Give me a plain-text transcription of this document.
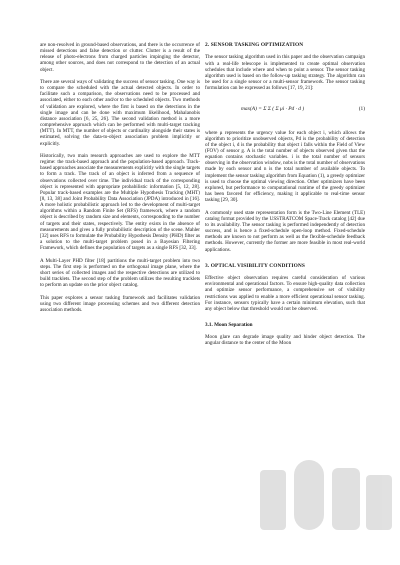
are non-resolved in ground-based observations, and there is the occurrence of missed detections and false detection or clutter. Clutter is a result of the release of photo-electrons from charged particles impinging the detector, among other sources, and does not correspond to the detection of an actual object.

There are several ways of validating the success of sensor tasking. One way is to compare the scheduled with the actual detected objects. In order to facilitate such a comparison, the observations need to be processed and associated, either to each other and/or to the scheduled objects. Two methods of validation are explored, where the first is based on the detections in the single image and can be done with maximum likelihood, Mahalanobis distance association [6, 25, 26]. The second validation method is a more comprehensive approach which can be performed with multi-target tracking (MTT). In MTT, the number of objects or cardinality alongside their states is estimated, solving the data-to-object association problem implicitly or explicitly.

Historically, two main research approaches are used to explore the MTT regime: the track-based approach and the population-based approach. Track-based approaches associate the measurements explicitly with the single targets to form a track. The track of an object is inferred from a sequence of observations collected over time. The individual track of the corresponding object is represented with appropriate probabilistic information [5, 12, 28]. Popular track-based examples are the Multiple Hypothesis Tracking (MHT) [8, 13, 38] and Joint Probability Data Association (JPDA) introduced in [16]. A more holistic probabilistic approach led to the development of multi-target algorithms within a Random Finite Set (RFS) framework, where a random object is described by random size and elements, corresponding to the number of targets and their states, respectively. The entity exists in the absence of measurements and gives a fully probabilistic description of the scene. Mahler [32] uses RFS to formulate the Probability Hypothesis Density (PHD) filter as a solution to the multi-target problem posed in a Bayesian Filtering Framework, which defines the population of targets as a single RFS [32, 33].

A Multi-Layer PHD filter [18] partitions the multi-target problem into two steps. The first step is performed on the orthogonal image plane, where the short series of collected images and the respective detections are utilized to build tracklets. The second step of the problem utilizes the resulting tracklets to perform an update on the prior object catalog.

This paper explores a sensor tasking framework and facilitates validation using two different image processing schemes and two different detection association methods.

2. SENSOR TASKING OPTIMIZATION

The sensor tasking algorithm used in this paper and the observation campaign with a real-life telescope is implemented to create optimal observation schedules that include where and when to point a sensor. The sensor tasking algorithm used is based on the follow-up tasking strategy. The algorithm can be used for a single sensor or a multi-sensor framework. The sensor tasking formulation can be expressed as follows [17, 19, 21]:

max(A) = Σ Σ ( Σ μi · Pd · d )	(1)

where μ represents the urgency value for each object i, which allows the algorithm to prioritize unobserved objects, Pd is the probability of detection of the object i, d is the probability that object i falls within the Field of View (FOV) of sensor g. A is the total number of objects observed given that the equation contains stochastic variables. i is the total number of sensors observing in the observation window, nobs is the total number of observations made by each sensor and n is the total number of available objects. To implement the sensor tasking algorithm from Equation (1), a greedy optimizer is used to choose the optimal viewing direction. Other optimizers have been explored, but performance to computational runtime of the greedy optimizer has been favored for efficiency, making it applicable to real-time sensor tasking [29, 30].

A commonly used state representation form is the Two-Line Element (TLE) catalog format provided by the USSTRATCOM Space-Track catalog [42] due to its availability. The sensor tasking is performed independently of detection success, and is hence a fixed-schedule open-loop method. Fixed-schedule methods are known to not perform as well as the flexible-schedule feedback methods. However, currently the former are more feasible in most real-world applications.

3. OPTICAL VISIBILITY CONDITIONS

Effective object observation requires careful consideration of various environmental and operational factors. To ensure high-quality data collection and optimize sensor performance, a comprehensive set of visibility restrictions was applied to enable a more efficient operational sensor tasking. For instance, sensors typically have a certain minimum elevation, such that any object below that threshold would not be observed.

3.1. Moon Separation

Moon glare can degrade image quality and hinder object detection. The angular distance to the center of the Moon
